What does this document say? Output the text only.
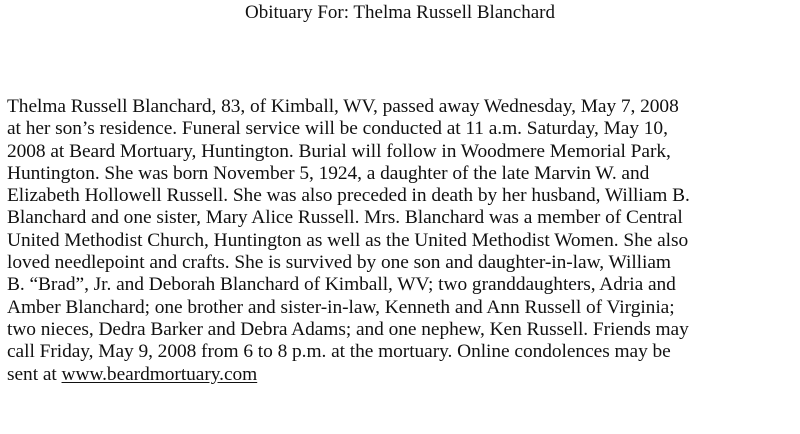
Obituary For: Thelma Russell Blanchard
Thelma Russell Blanchard, 83, of Kimball, WV, passed away Wednesday, May 7, 2008
at her son’s residence. Funeral service will be conducted at 11 a.m. Saturday, May 10,
2008 at Beard Mortuary, Huntington. Burial will follow in Woodmere Memorial Park,
Huntington. She was born November 5, 1924, a daughter of the late Marvin W. and
Elizabeth Hollowell Russell. She was also preceded in death by her husband, William B.
Blanchard and one sister, Mary Alice Russell. Mrs. Blanchard was a member of Central
United Methodist Church, Huntington as well as the United Methodist Women. She also
loved needlepoint and crafts. She is survived by one son and daughter-in-law, William
B. “Brad”, Jr. and Deborah Blanchard of Kimball, WV; two granddaughters, Adria and
Amber Blanchard; one brother and sister-in-law, Kenneth and Ann Russell of Virginia;
two nieces, Dedra Barker and Debra Adams; and one nephew, Ken Russell. Friends may
call Friday, May 9, 2008 from 6 to 8 p.m. at the mortuary. Online condolences may be
sent at www.beardmortuary.com
